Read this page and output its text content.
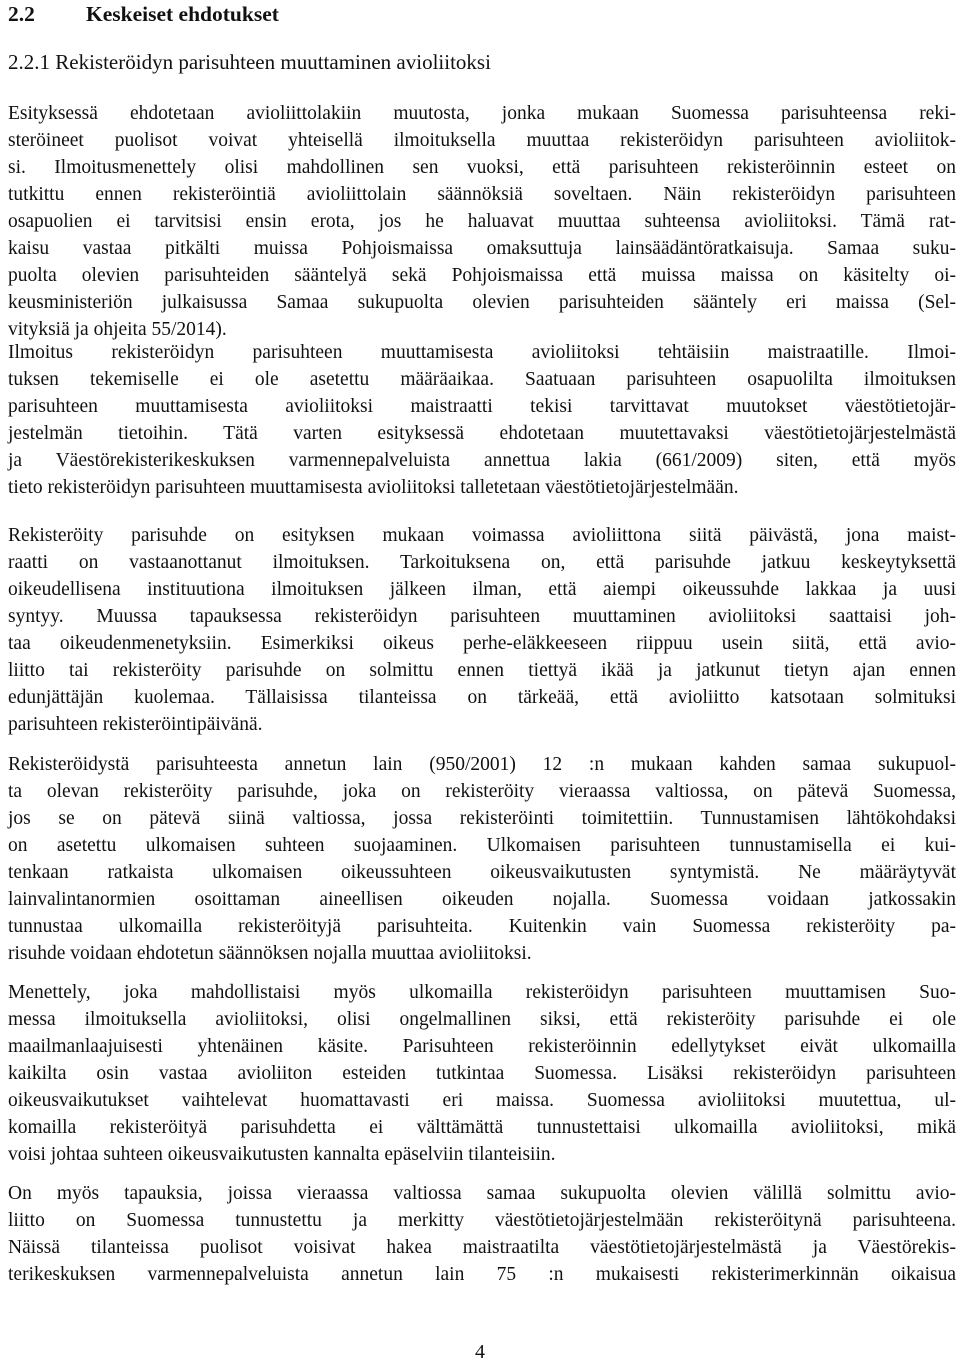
2.2 Keskeiset ehdotukset
2.2.1 Rekisteröidyn parisuhteen muuttaminen avioliitoksi
Esityksessä ehdotetaan avioliittolakiin muutosta, jonka mukaan Suomessa parisuhteensa reki-
steröineet puolisot voivat yhteisellä ilmoituksella muuttaa rekisteröidyn parisuhteen avioliitok-
si. Ilmoitusmenettely olisi mahdollinen sen vuoksi, että parisuhteen rekisteröinnin esteet on
tutkittu ennen rekisteröintiä avioliittolain säännöksiä soveltaen. Näin rekisteröidyn parisuhteen
osapuolien ei tarvitsisi ensin erota, jos he haluavat muuttaa suhteensa avioliitoksi. Tämä rat-
kaisu vastaa pitkälti muissa Pohjoismaissa omaksuttuja lainsäädäntöratkaisuja. Samaa suku-
puolta olevien parisuhteiden sääntelyä sekä Pohjoismaissa että muissa maissa on käsitelty oi-
keusministeriön julkaisussa Samaa sukupuolta olevien parisuhteiden sääntely eri maissa (Sel-
vityksiä ja ohjeita 55/2014).
Ilmoitus rekisteröidyn parisuhteen muuttamisesta avioliitoksi tehtäisiin maistraatille. Ilmoi-
tuksen tekemiselle ei ole asetettu määräaikaa. Saatuaan parisuhteen osapuolilta ilmoituksen
parisuhteen muuttamisesta avioliitoksi maistraatti tekisi tarvittavat muutokset väestötietojär-
jestelmän tietoihin. Tätä varten esityksessä ehdotetaan muutettavaksi väestötietojärjestelmästä
ja Väestörekisterikeskuksen varmennepalveluista annettua lakia (661/2009) siten, että myös
tieto rekisteröidyn parisuhteen muuttamisesta avioliitoksi talletetaan väestötietojärjestelmään.
Rekisteröity parisuhde on esityksen mukaan voimassa avioliittona siitä päivästä, jona maist-
raatti on vastaanottanut ilmoituksen. Tarkoituksena on, että parisuhde jatkuu keskeytyksettä
oikeudellisena instituutiona ilmoituksen jälkeen ilman, että aiempi oikeussuhde lakkaa ja uusi
syntyy. Muussa tapauksessa rekisteröidyn parisuhteen muuttaminen avioliitoksi saattaisi joh-
taa oikeudenmenetyksiin. Esimerkiksi oikeus perhe-eläkkeeseen riippuu usein siitä, että avio-
liitto tai rekisteröity parisuhde on solmittu ennen tiettyä ikää ja jatkunut tietyn ajan ennen
edunjättäjän kuolemaa. Tällaisissa tilanteissa on tärkeää, että avioliitto katsotaan solmituksi
parisuhteen rekisteröintipäivänä.
Rekisteröidystä parisuhteesta annetun lain (950/2001) 12 :n mukaan kahden samaa sukupuol-
ta olevan rekisteröity parisuhde, joka on rekisteröity vieraassa valtiossa, on pätevä Suomessa,
jos se on pätevä siinä valtiossa, jossa rekisteröinti toimitettiin. Tunnustamisen lähtökohdaksi
on asetettu ulkomaisen suhteen suojaaminen. Ulkomaisen parisuhteen tunnustamisella ei kui-
tenkaan ratkaista ulkomaisen oikeussuhteen oikeusvaikutusten syntymistä. Ne määräytyvät
lainvalintanormien osoittaman aineellisen oikeuden nojalla. Suomessa voidaan jatkossakin
tunnustaa ulkomailla rekisteröityjä parisuhteita. Kuitenkin vain Suomessa rekisteröity pa-
risuhde voidaan ehdotetun säännöksen nojalla muuttaa avioliitoksi.
Menettely, joka mahdollistaisi myös ulkomailla rekisteröidyn parisuhteen muuttamisen Suo-
messa ilmoituksella avioliitoksi, olisi ongelmallinen siksi, että rekisteröity parisuhde ei ole
maailmanlaajuisesti yhtenäinen käsite. Parisuhteen rekisteröinnin edellytykset eivät ulkomailla
kaikilta osin vastaa avioliiton esteiden tutkintaa Suomessa. Lisäksi rekisteröidyn parisuhteen
oikeusvaikutukset vaihtelevat huomattavasti eri maissa. Suomessa avioliitoksi muutettua, ul-
komailla rekisteröityä parisuhdetta ei välttämättä tunnustettaisi ulkomailla avioliitoksi, mikä
voisi johtaa suhteen oikeusvaikutusten kannalta epäselviin tilanteisiin.
On myös tapauksia, joissa vieraassa valtiossa samaa sukupuolta olevien välillä solmittu avio-
liitto on Suomessa tunnustettu ja merkitty väestötietojärjestelmään rekisteröitynä parisuhteena.
Näissä tilanteissa puolisot voisivat hakea maistraatilta väestötietojärjestelmästä ja Väestörekis-
terikeskuksen varmennepalveluista annetun lain 75 :n mukaisesti rekisterimerkinnän oikaisua
4
